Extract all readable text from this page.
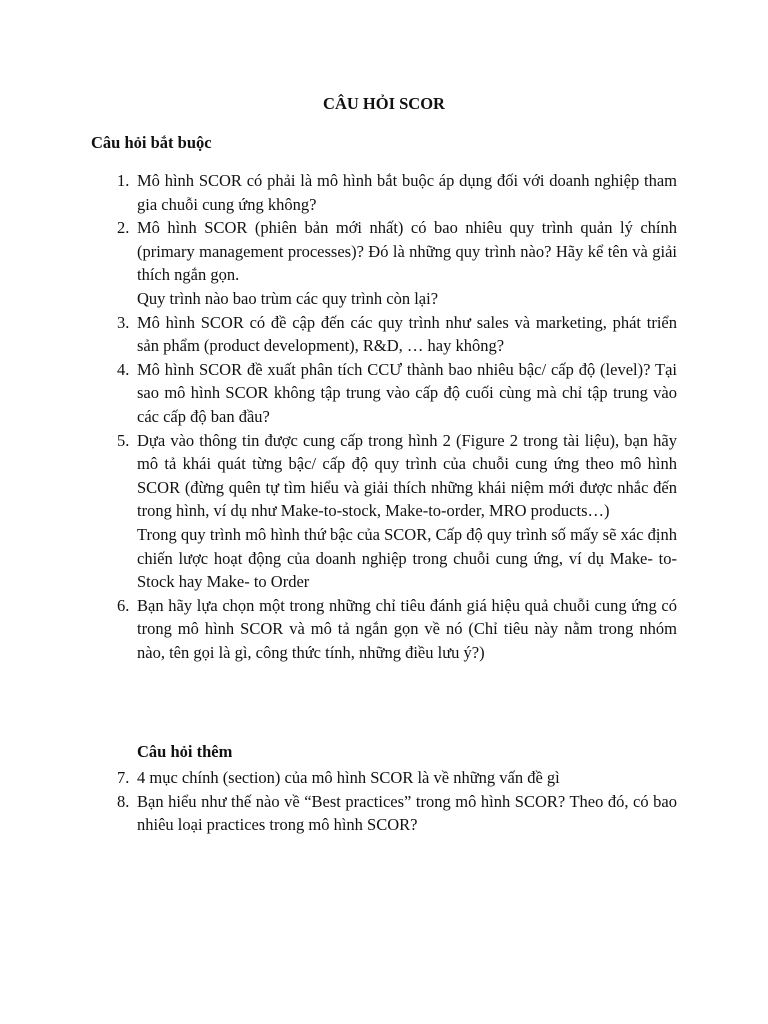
CÂU HỎI SCOR
Câu hỏi bắt buộc
1. Mô hình SCOR có phải là mô hình bắt buộc áp dụng đối với doanh nghiệp tham gia chuỗi cung ứng không?

2. Mô hình SCOR (phiên bản mới nhất) có bao nhiêu quy trình quản lý chính (primary management processes)? Đó là những quy trình nào? Hãy kể tên và giải thích ngắn gọn.

Quy trình nào bao trùm các quy trình còn lại?

3. Mô hình SCOR có đề cập đến các quy trình như sales và marketing, phát triển sản phẩm (product development), R&D, … hay không?

4. Mô hình SCOR đề xuất phân tích CCƯ thành bao nhiêu bậc/ cấp độ (level)? Tại sao mô hình SCOR không tập trung vào cấp độ cuối cùng mà chỉ tập trung vào các cấp độ ban đầu?

5. Dựa vào thông tin được cung cấp trong hình 2 (Figure 2 trong tài liệu), bạn hãy mô tả khái quát từng bậc/ cấp độ quy trình của chuỗi cung ứng theo mô hình SCOR (đừng quên tự tìm hiểu và giải thích những khái niệm mới được nhắc đến trong hình, ví dụ như Make-to-stock, Make-to-order, MRO products…)

Trong quy trình mô hình thứ bậc của SCOR, Cấp độ quy trình số mấy sẽ xác định chiến lược hoạt động của doanh nghiệp trong chuỗi cung ứng, ví dụ Make- to- Stock hay Make- to Order

6. Bạn hãy lựa chọn một trong những chỉ tiêu đánh giá hiệu quả chuỗi cung ứng có trong mô hình SCOR và mô tả ngắn gọn về nó (Chỉ tiêu này nằm trong nhóm nào, tên gọi là gì, công thức tính, những điều lưu ý?)

Câu hỏi thêm
7. 4 mục chính (section) của mô hình SCOR là về những vấn đề gì

8. Bạn hiểu như thế nào về “Best practices” trong mô hình SCOR? Theo đó, có bao nhiêu loại practices trong mô hình SCOR?
